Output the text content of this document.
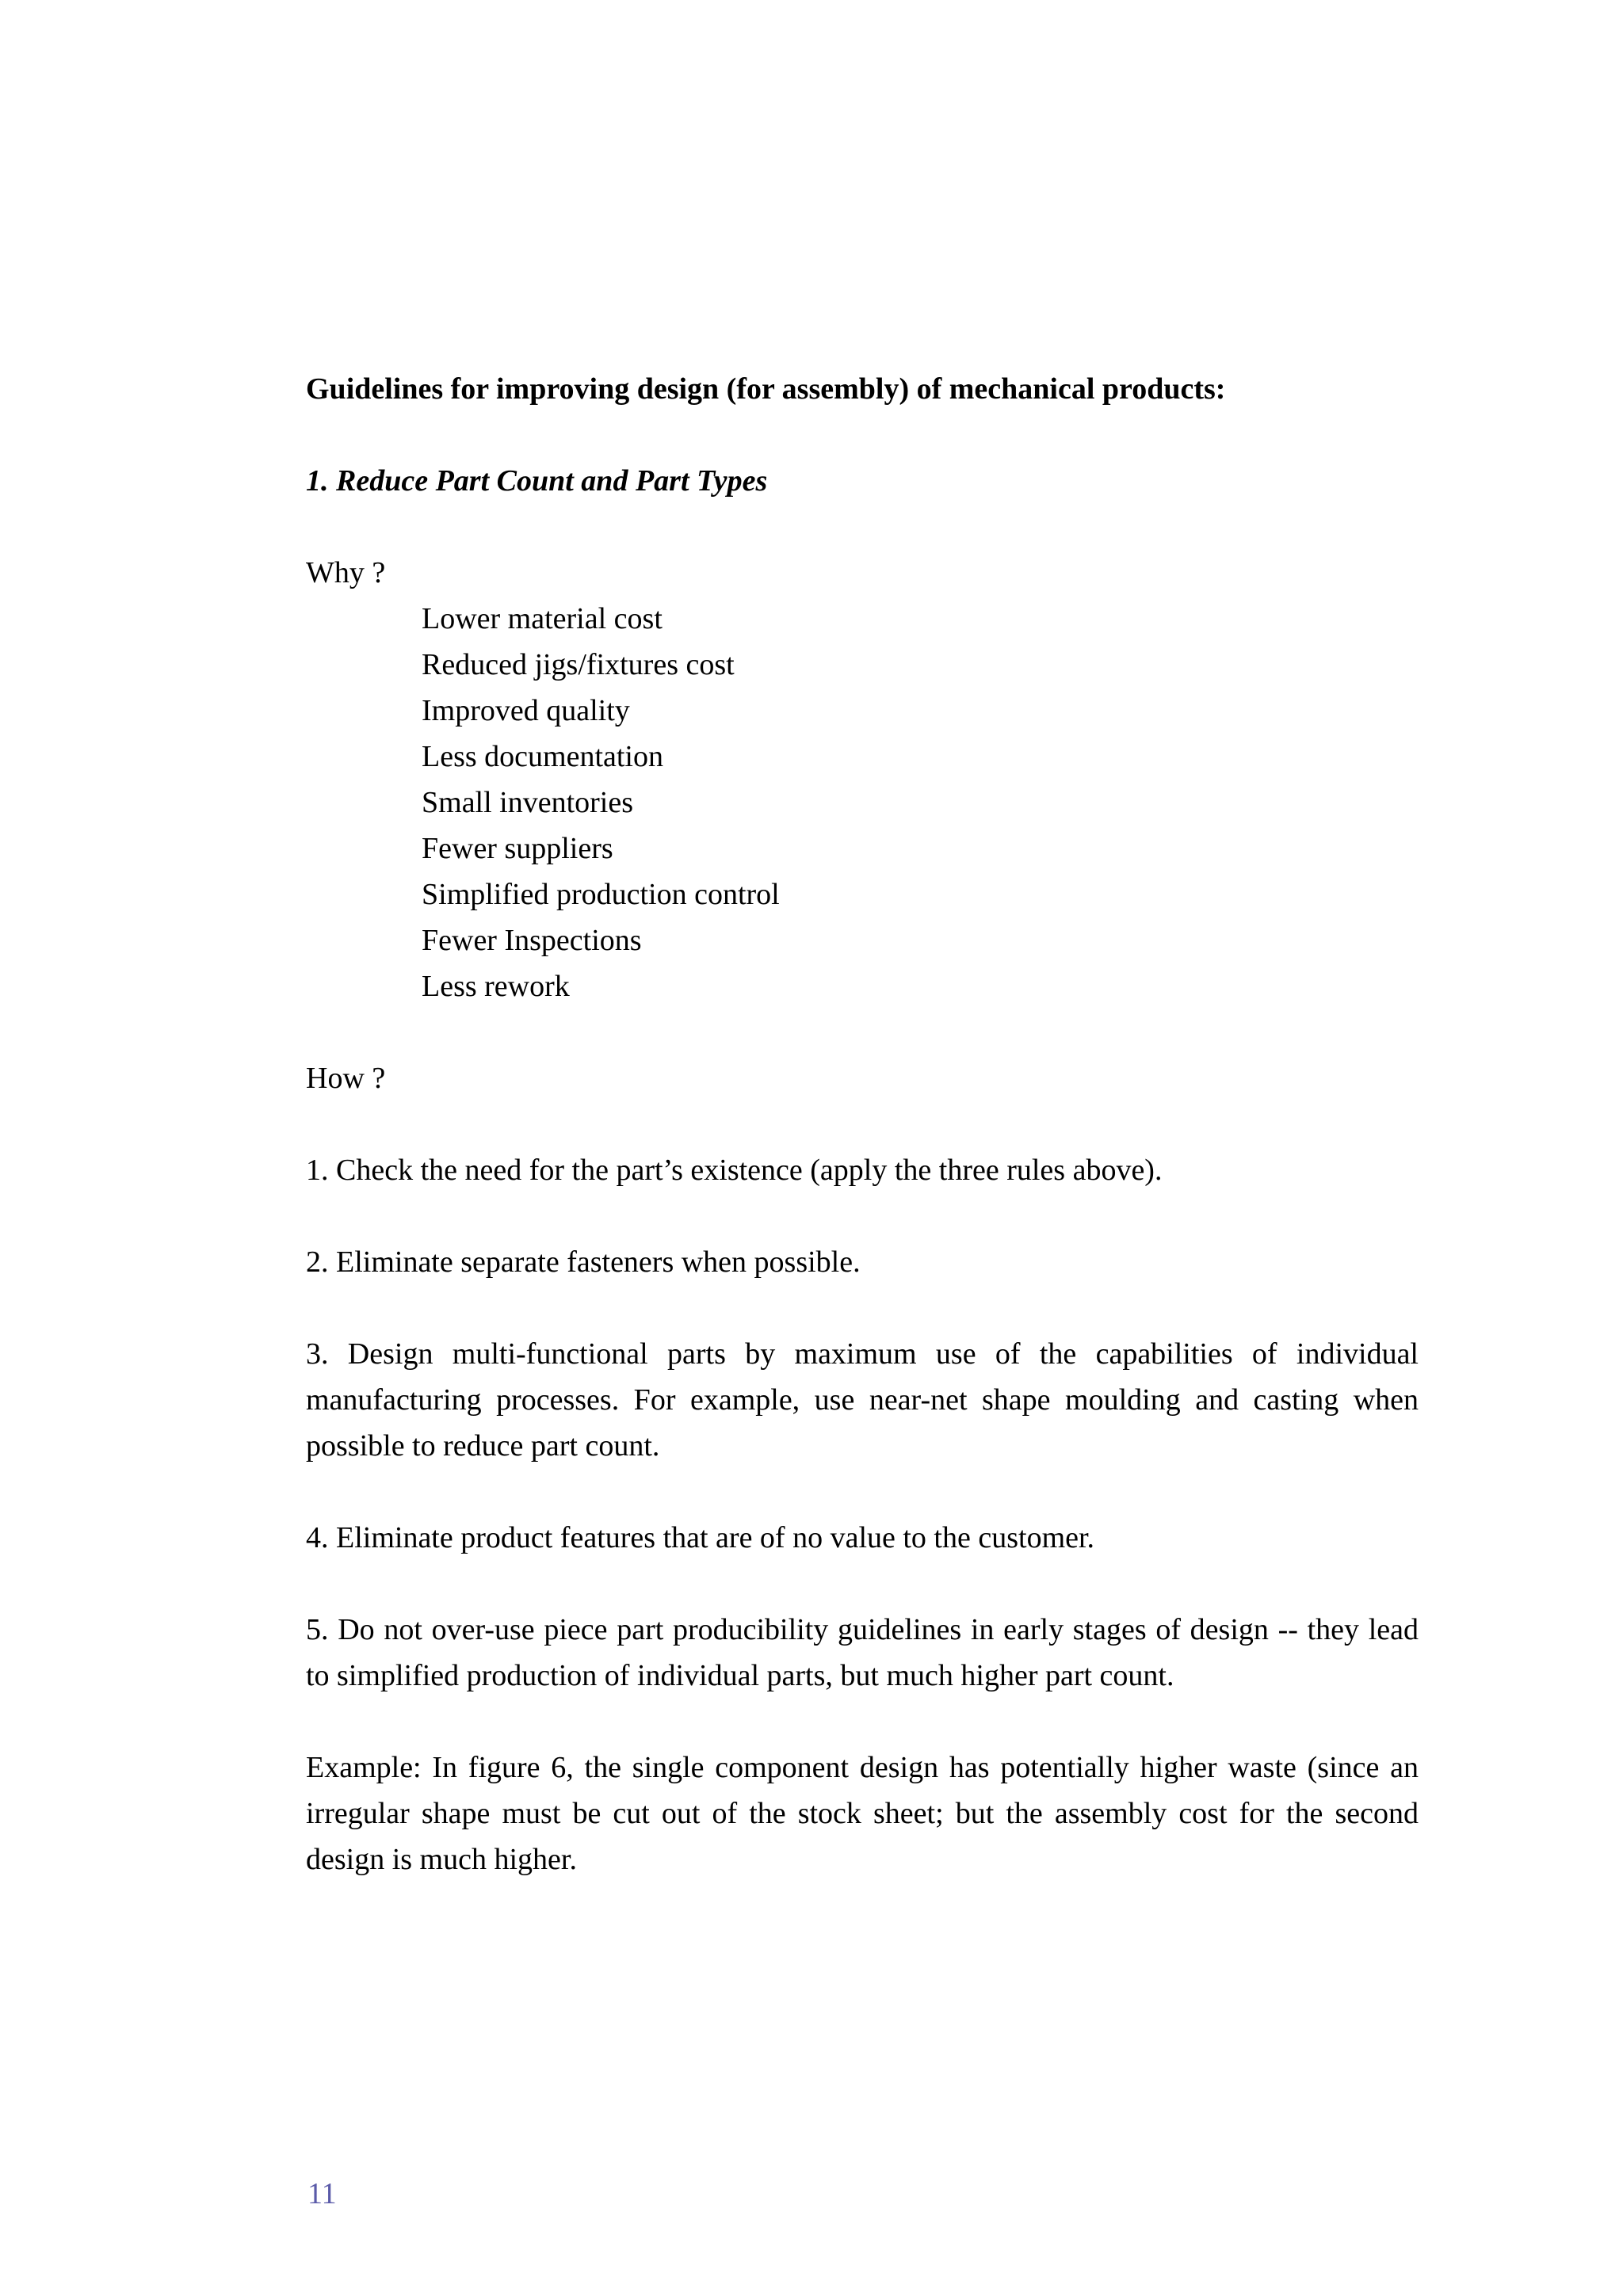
Guidelines for improving design (for assembly) of mechanical products:

1. Reduce Part Count and Part Types

Why ?

Lower material cost
Reduced jigs/fixtures cost
Improved quality
Less documentation
Small inventories
Fewer suppliers
Simplified production control
Fewer Inspections
Less rework

How ?

1. Check the need for the part’s existence (apply the three rules above).

2. Eliminate separate fasteners when possible.

3. Design multi-functional parts by maximum use of the capabilities of individual manufacturing processes. For example, use near-net shape moulding and casting when possible to reduce part count.

4. Eliminate product features that are of no value to the customer.

5. Do not over-use piece part producibility guidelines in early stages of design -- they lead to simplified production of individual parts, but much higher part count.

Example: In figure 6, the single component design has potentially higher waste (since an irregular shape must be cut out of the stock sheet; but the assembly cost for the second design is much higher.

11
